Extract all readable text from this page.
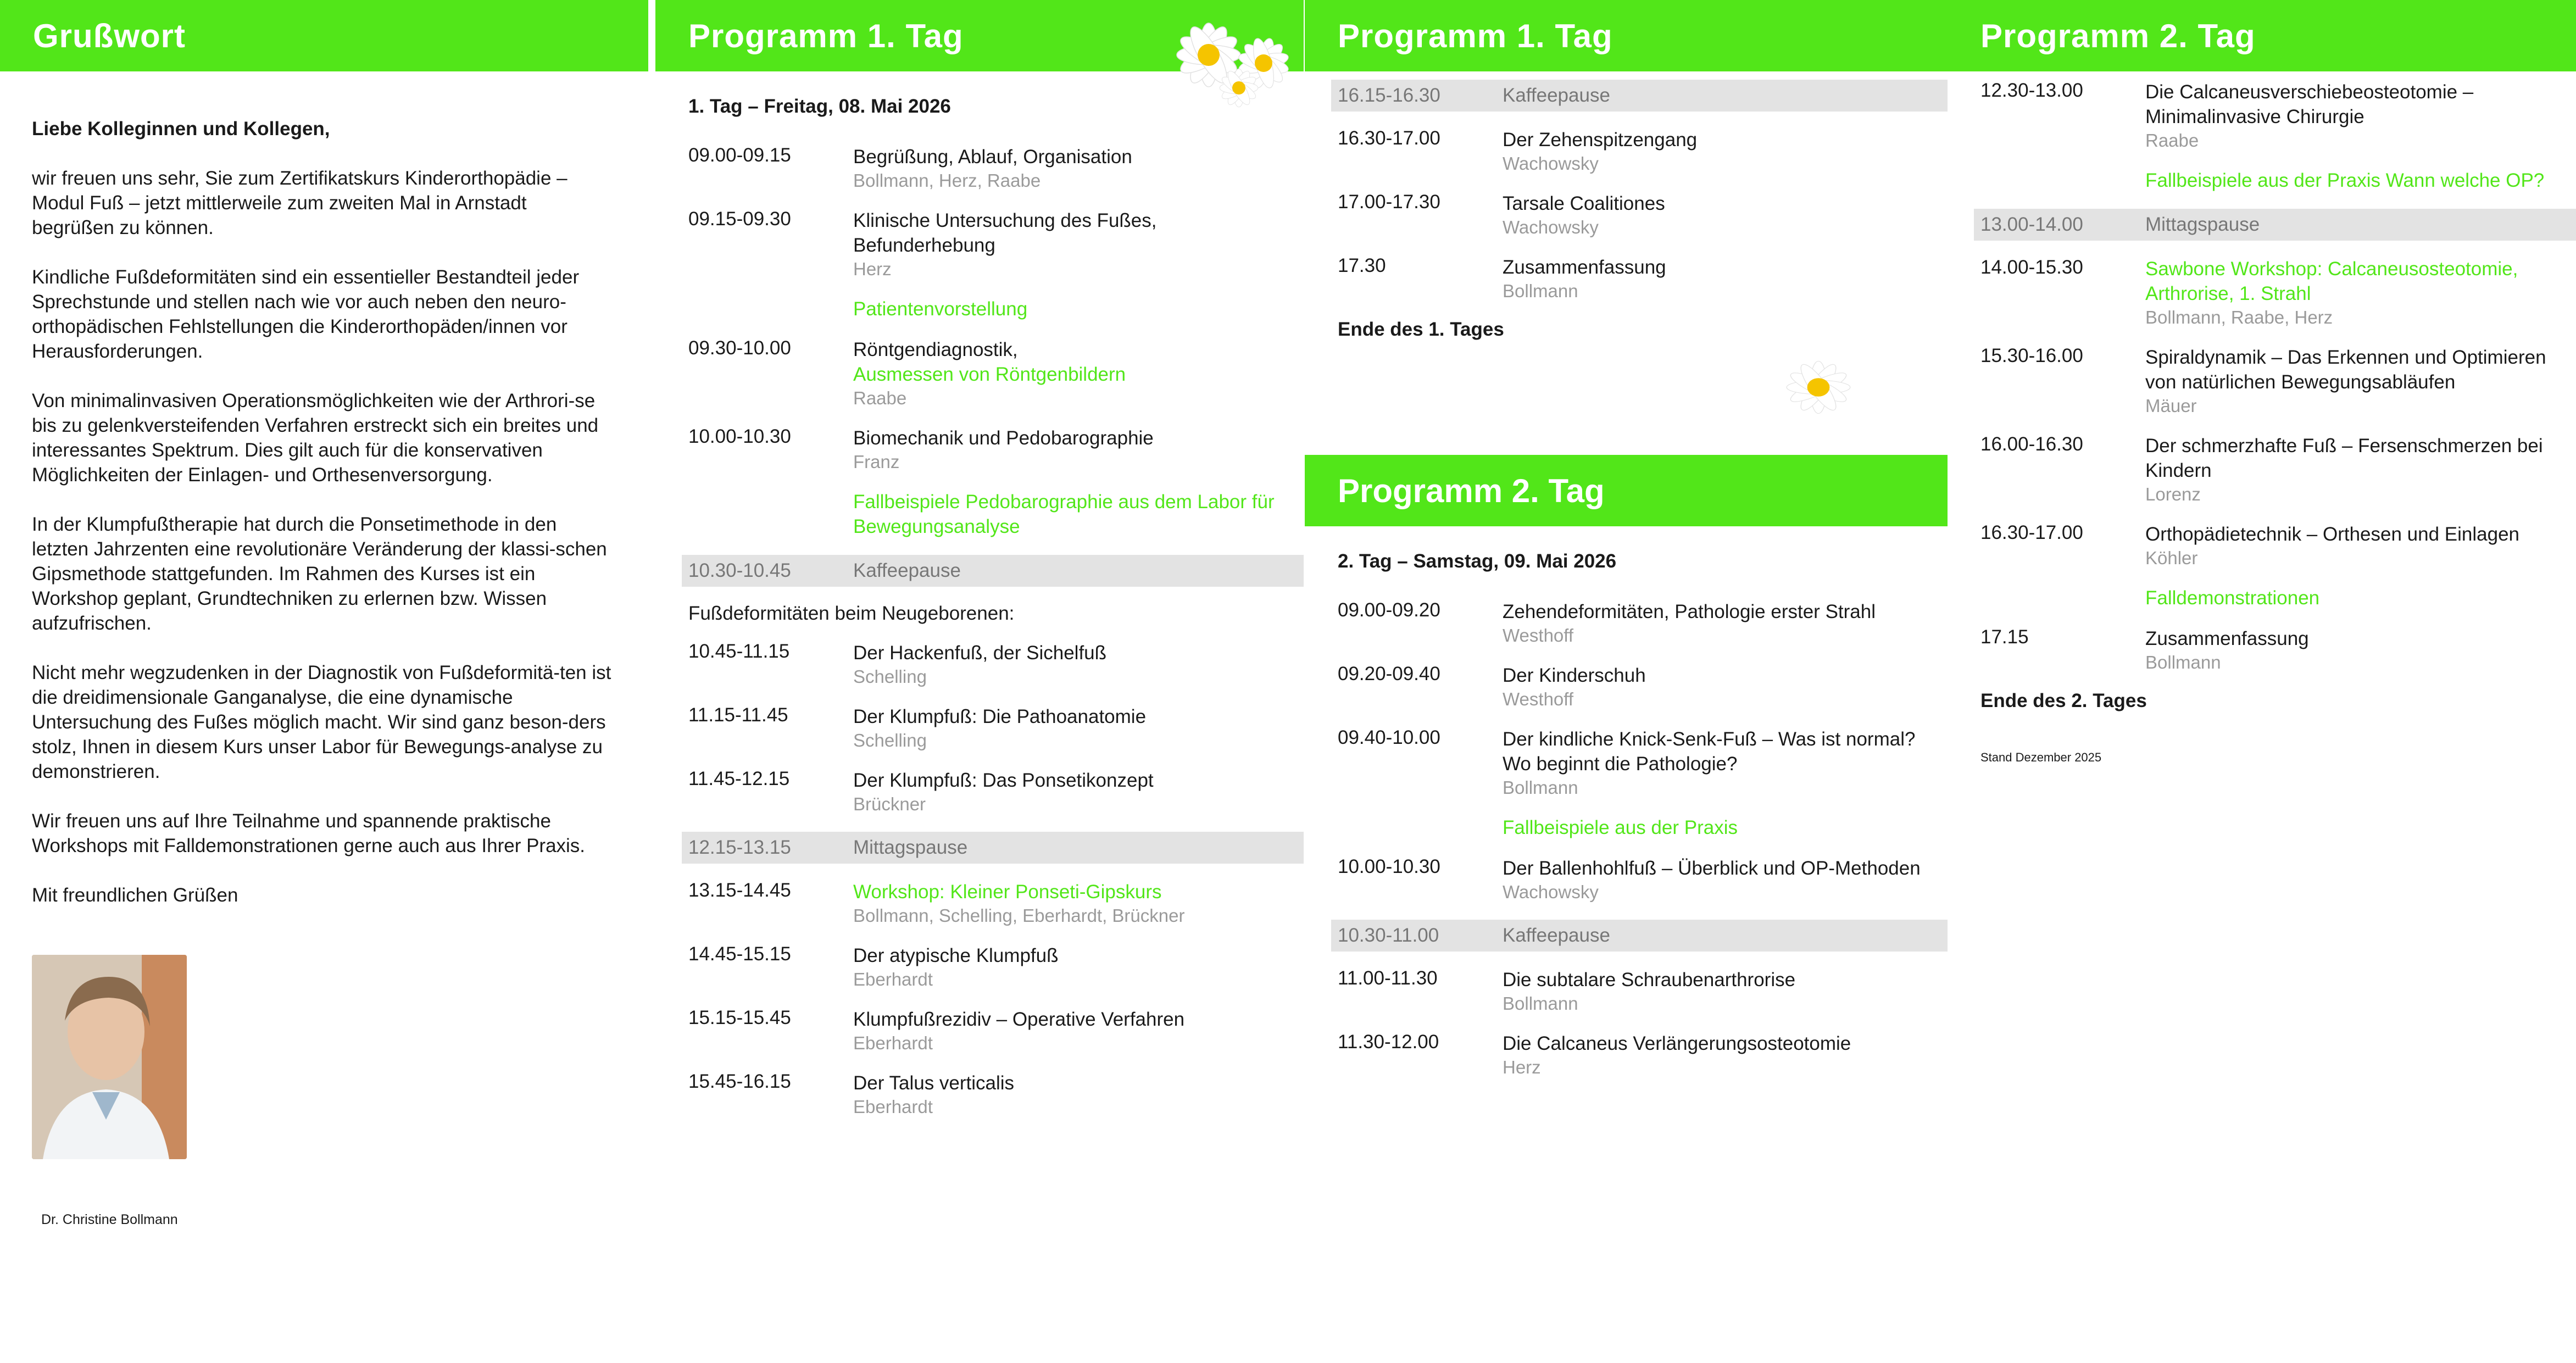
Grußwort

Liebe Kolleginnen und Kollegen,

wir freuen uns sehr, Sie zum Zertifikatskurs Kinderorthopädie – Modul Fuß – jetzt mittlerweile zum zweiten Mal in Arnstadt begrüßen zu können.

Kindliche Fußdeformitäten sind ein essentieller Bestandteil jeder Sprechstunde und stellen nach wie vor auch neben den neuro-orthopädischen Fehlstellungen die Kinderorthopäden/innen vor Herausforderungen.

Von minimalinvasiven Operationsmöglichkeiten wie der Arthrori-se bis zu gelenkversteifenden Verfahren erstreckt sich ein breites und interessantes Spektrum. Dies gilt auch für die konservativen Möglichkeiten der Einlagen- und Orthesenversorgung.

In der Klumpfußtherapie hat durch die Ponsetimethode in den letzten Jahrzenten eine revolutionäre Veränderung der klassi-schen Gipsmethode stattgefunden. Im Rahmen des Kurses ist ein Workshop geplant, Grundtechniken zu erlernen bzw. Wissen aufzufrischen.

Nicht mehr wegzudenken in der Diagnostik von Fußdeformitä-ten ist die dreidimensionale Ganganalyse, die eine dynamische Untersuchung des Fußes möglich macht. Wir sind ganz beson-ders stolz, Ihnen in diesem Kurs unser Labor für Bewegungs-analyse zu demonstrieren.

Wir freuen uns auf Ihre Teilnahme und spannende praktische Workshops mit Falldemonstrationen gerne auch aus Ihrer Praxis.

Mit freundlichen Grüßen

Dr. Christine Bollmann
Programm 1. Tag
1. Tag – Freitag, 08. Mai 2026
09.00-09.15	Begrüßung, Ablauf, Organisation
Bollmann, Herz, Raabe
09.15-09.30	Klinische Untersuchung des Fußes, Befunderhebung
Herz
Patientenvorstellung
09.30-10.00	Röntgendiagnostik,
Ausmessen von Röntgenbildern
Raabe
10.00-10.30	Biomechanik und Pedobarographie
Franz
Fallbeispiele Pedobarographie aus dem Labor für Bewegungsanalyse
10.30-10.45	Kaffeepause
Fußdeformitäten beim Neugeborenen:
10.45-11.15	Der Hackenfuß, der Sichelfuß
Schelling
11.15-11.45	Der Klumpfuß: Die Pathoanatomie
Schelling
11.45-12.15	Der Klumpfuß: Das Ponsetikonzept
Brückner
12.15-13.15	Mittagspause
13.15-14.45	Workshop: Kleiner Ponseti-Gipskurs
Bollmann, Schelling, Eberhardt, Brückner
14.45-15.15	Der atypische Klumpfuß
Eberhardt
15.15-15.45	Klumpfußrezidiv – Operative Verfahren
Eberhardt
15.45-16.15	Der Talus verticalis
Eberhardt
Programm 1. Tag
16.15-16.30	Kaffeepause
16.30-17.00	Der Zehenspitzengang
Wachowsky
17.00-17.30	Tarsale Coalitiones
Wachowsky
17.30	Zusammenfassung
Bollmann
Ende des 1. Tages
Programm 2. Tag
2. Tag – Samstag, 09. Mai 2026
09.00-09.20	Zehendeformitäten, Pathologie erster Strahl
Westhoff
09.20-09.40	Der Kinderschuh
Westhoff
09.40-10.00	Der kindliche Knick-Senk-Fuß – Was ist normal? Wo beginnt die Pathologie?
Bollmann
Fallbeispiele aus der Praxis
10.00-10.30	Der Ballenhohlfuß – Überblick und OP-Methoden
Wachowsky
10.30-11.00	Kaffeepause
11.00-11.30	Die subtalare Schraubenarthrorise
Bollmann
11.30-12.00	Die Calcaneus Verlängerungsosteotomie
Herz
Programm 2. Tag
12.30-13.00	Die Calcaneusverschiebeosteotomie – Minimalinvasive Chirurgie
Raabe
Fallbeispiele aus der Praxis Wann welche OP?
13.00-14.00	Mittagspause
14.00-15.30	Sawbone Workshop: Calcaneusosteotomie, Arthrorise, 1. Strahl
Bollmann, Raabe, Herz
15.30-16.00	Spiraldynamik – Das Erkennen und Optimieren von natürlichen Bewegungsabläufen
Mäuer
16.00-16.30	Der schmerzhafte Fuß – Fersenschmerzen bei Kindern
Lorenz
16.30-17.00	Orthopädietechnik – Orthesen und Einlagen
Köhler
Falldemonstrationen
17.15	Zusammenfassung
Bollmann
Ende des 2. Tages
Stand Dezember 2025
